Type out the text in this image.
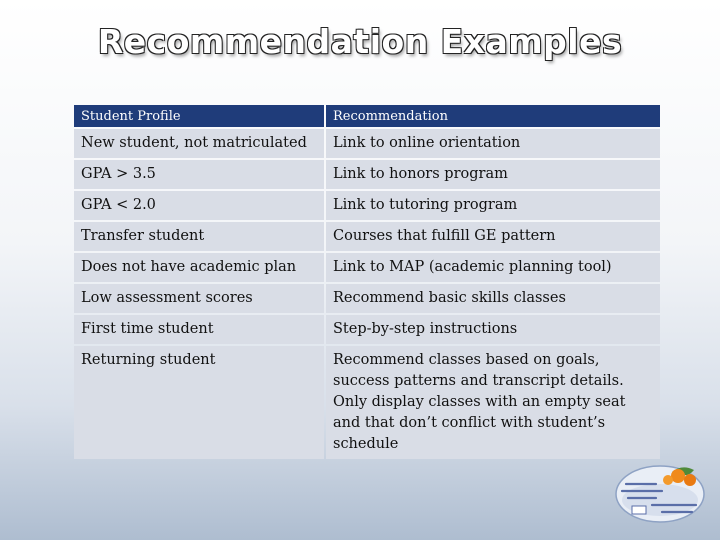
Recommendation Examples
Student Profile	Recommendation
New student, not matriculated	Link to online orientation
GPA > 3.5	Link to honors program
GPA < 2.0	Link to tutoring program
Transfer student	Courses that fulfill GE pattern
Does not have academic plan	Link to MAP (academic planning tool)
Low assessment scores	Recommend basic skills classes
First time student	Step-by-step instructions
Returning student	Recommend classes based on goals, success patterns and transcript details. Only display classes with an empty seat and that don’t conflict with student’s schedule
